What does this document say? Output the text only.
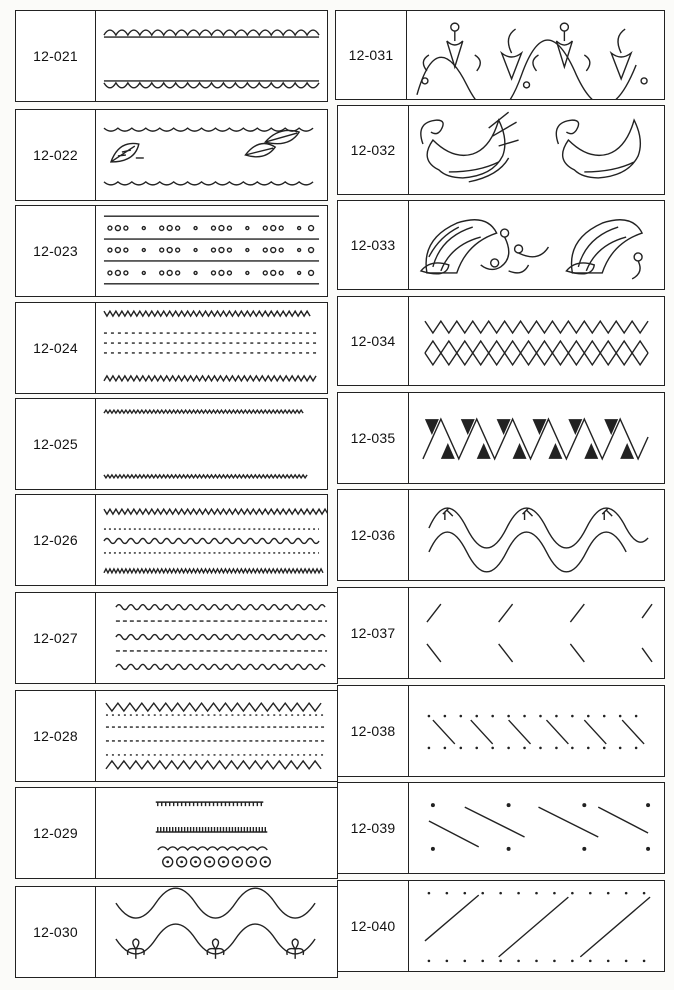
12-021
12-022
12-023
12-024
12-025
12-026
12-027
12-028
12-029
12-030
12-031
12-032
12-033
12-034
12-035
12-036
12-037
12-038
12-039
12-040
